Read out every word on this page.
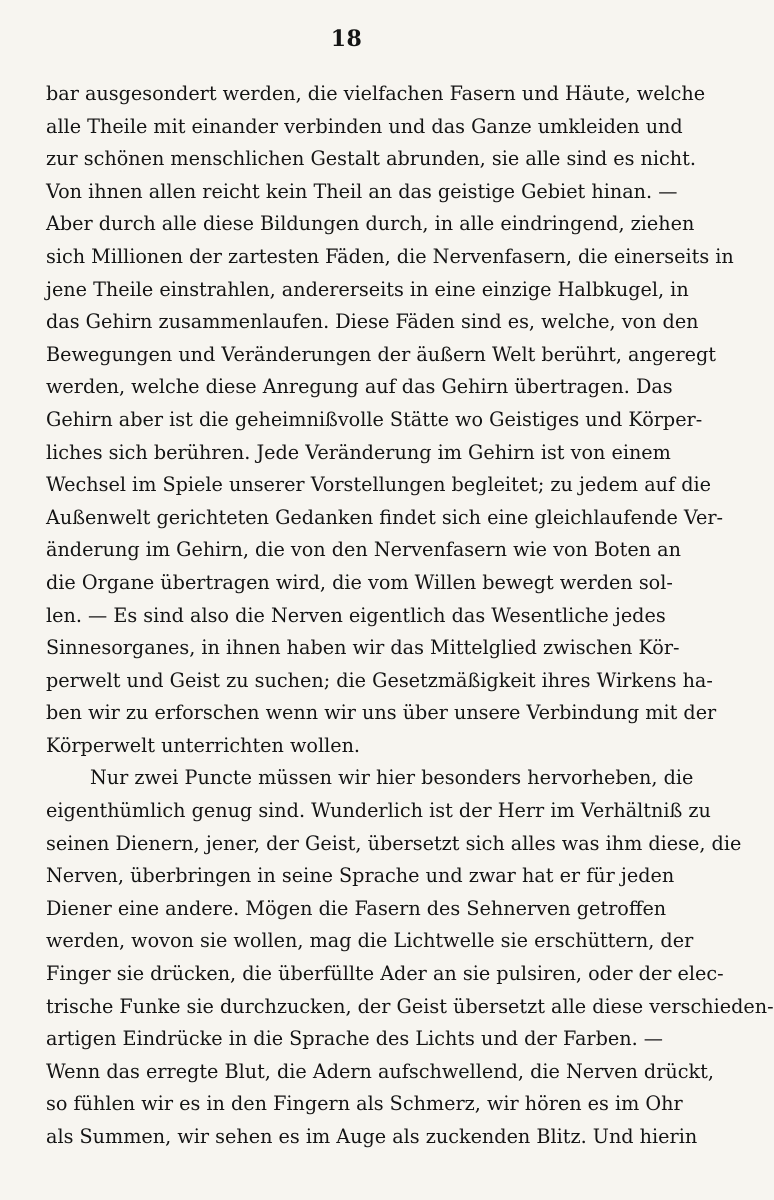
18
bar ausgesondert werden, die vielfachen Fasern und Häute, welche
alle Theile mit einander verbinden und das Ganze umkleiden und
zur schönen menschlichen Gestalt abrunden, sie alle sind es nicht.
Von ihnen allen reicht kein Theil an das geistige Gebiet hinan. —
Aber durch alle diese Bildungen durch, in alle eindringend, ziehen
sich Millionen der zartesten Fäden, die Nervenfasern, die einerseits in
jene Theile einstrahlen, andererseits in eine einzige Halbkugel, in
das Gehirn zusammenlaufen. Diese Fäden sind es, welche, von den
Bewegungen und Veränderungen der äußern Welt berührt, angeregt
werden, welche diese Anregung auf das Gehirn übertragen. Das
Gehirn aber ist die geheimnißvolle Stätte wo Geistiges und Körper-
liches sich berühren. Jede Veränderung im Gehirn ist von einem
Wechsel im Spiele unserer Vorstellungen begleitet; zu jedem auf die
Außenwelt gerichteten Gedanken findet sich eine gleichlaufende Ver-
änderung im Gehirn, die von den Nervenfasern wie von Boten an
die Organe übertragen wird, die vom Willen bewegt werden sol-
len. — Es sind also die Nerven eigentlich das Wesentliche jedes
Sinnesorganes, in ihnen haben wir das Mittelglied zwischen Kör-
perwelt und Geist zu suchen; die Gesetzmäßigkeit ihres Wirkens ha-
ben wir zu erforschen wenn wir uns über unsere Verbindung mit der
Körperwelt unterrichten wollen.
Nur zwei Puncte müssen wir hier besonders hervorheben, die
eigenthümlich genug sind. Wunderlich ist der Herr im Verhältniß zu
seinen Dienern, jener, der Geist, übersetzt sich alles was ihm diese, die
Nerven, überbringen in seine Sprache und zwar hat er für jeden
Diener eine andere. Mögen die Fasern des Sehnerven getroffen
werden, wovon sie wollen, mag die Lichtwelle sie erschüttern, der
Finger sie drücken, die überfüllte Ader an sie pulsiren, oder der elec-
trische Funke sie durchzucken, der Geist übersetzt alle diese verschieden-
artigen Eindrücke in die Sprache des Lichts und der Farben. —
Wenn das erregte Blut, die Adern aufschwellend, die Nerven drückt,
so fühlen wir es in den Fingern als Schmerz, wir hören es im Ohr
als Summen, wir sehen es im Auge als zuckenden Blitz. Und hierin
